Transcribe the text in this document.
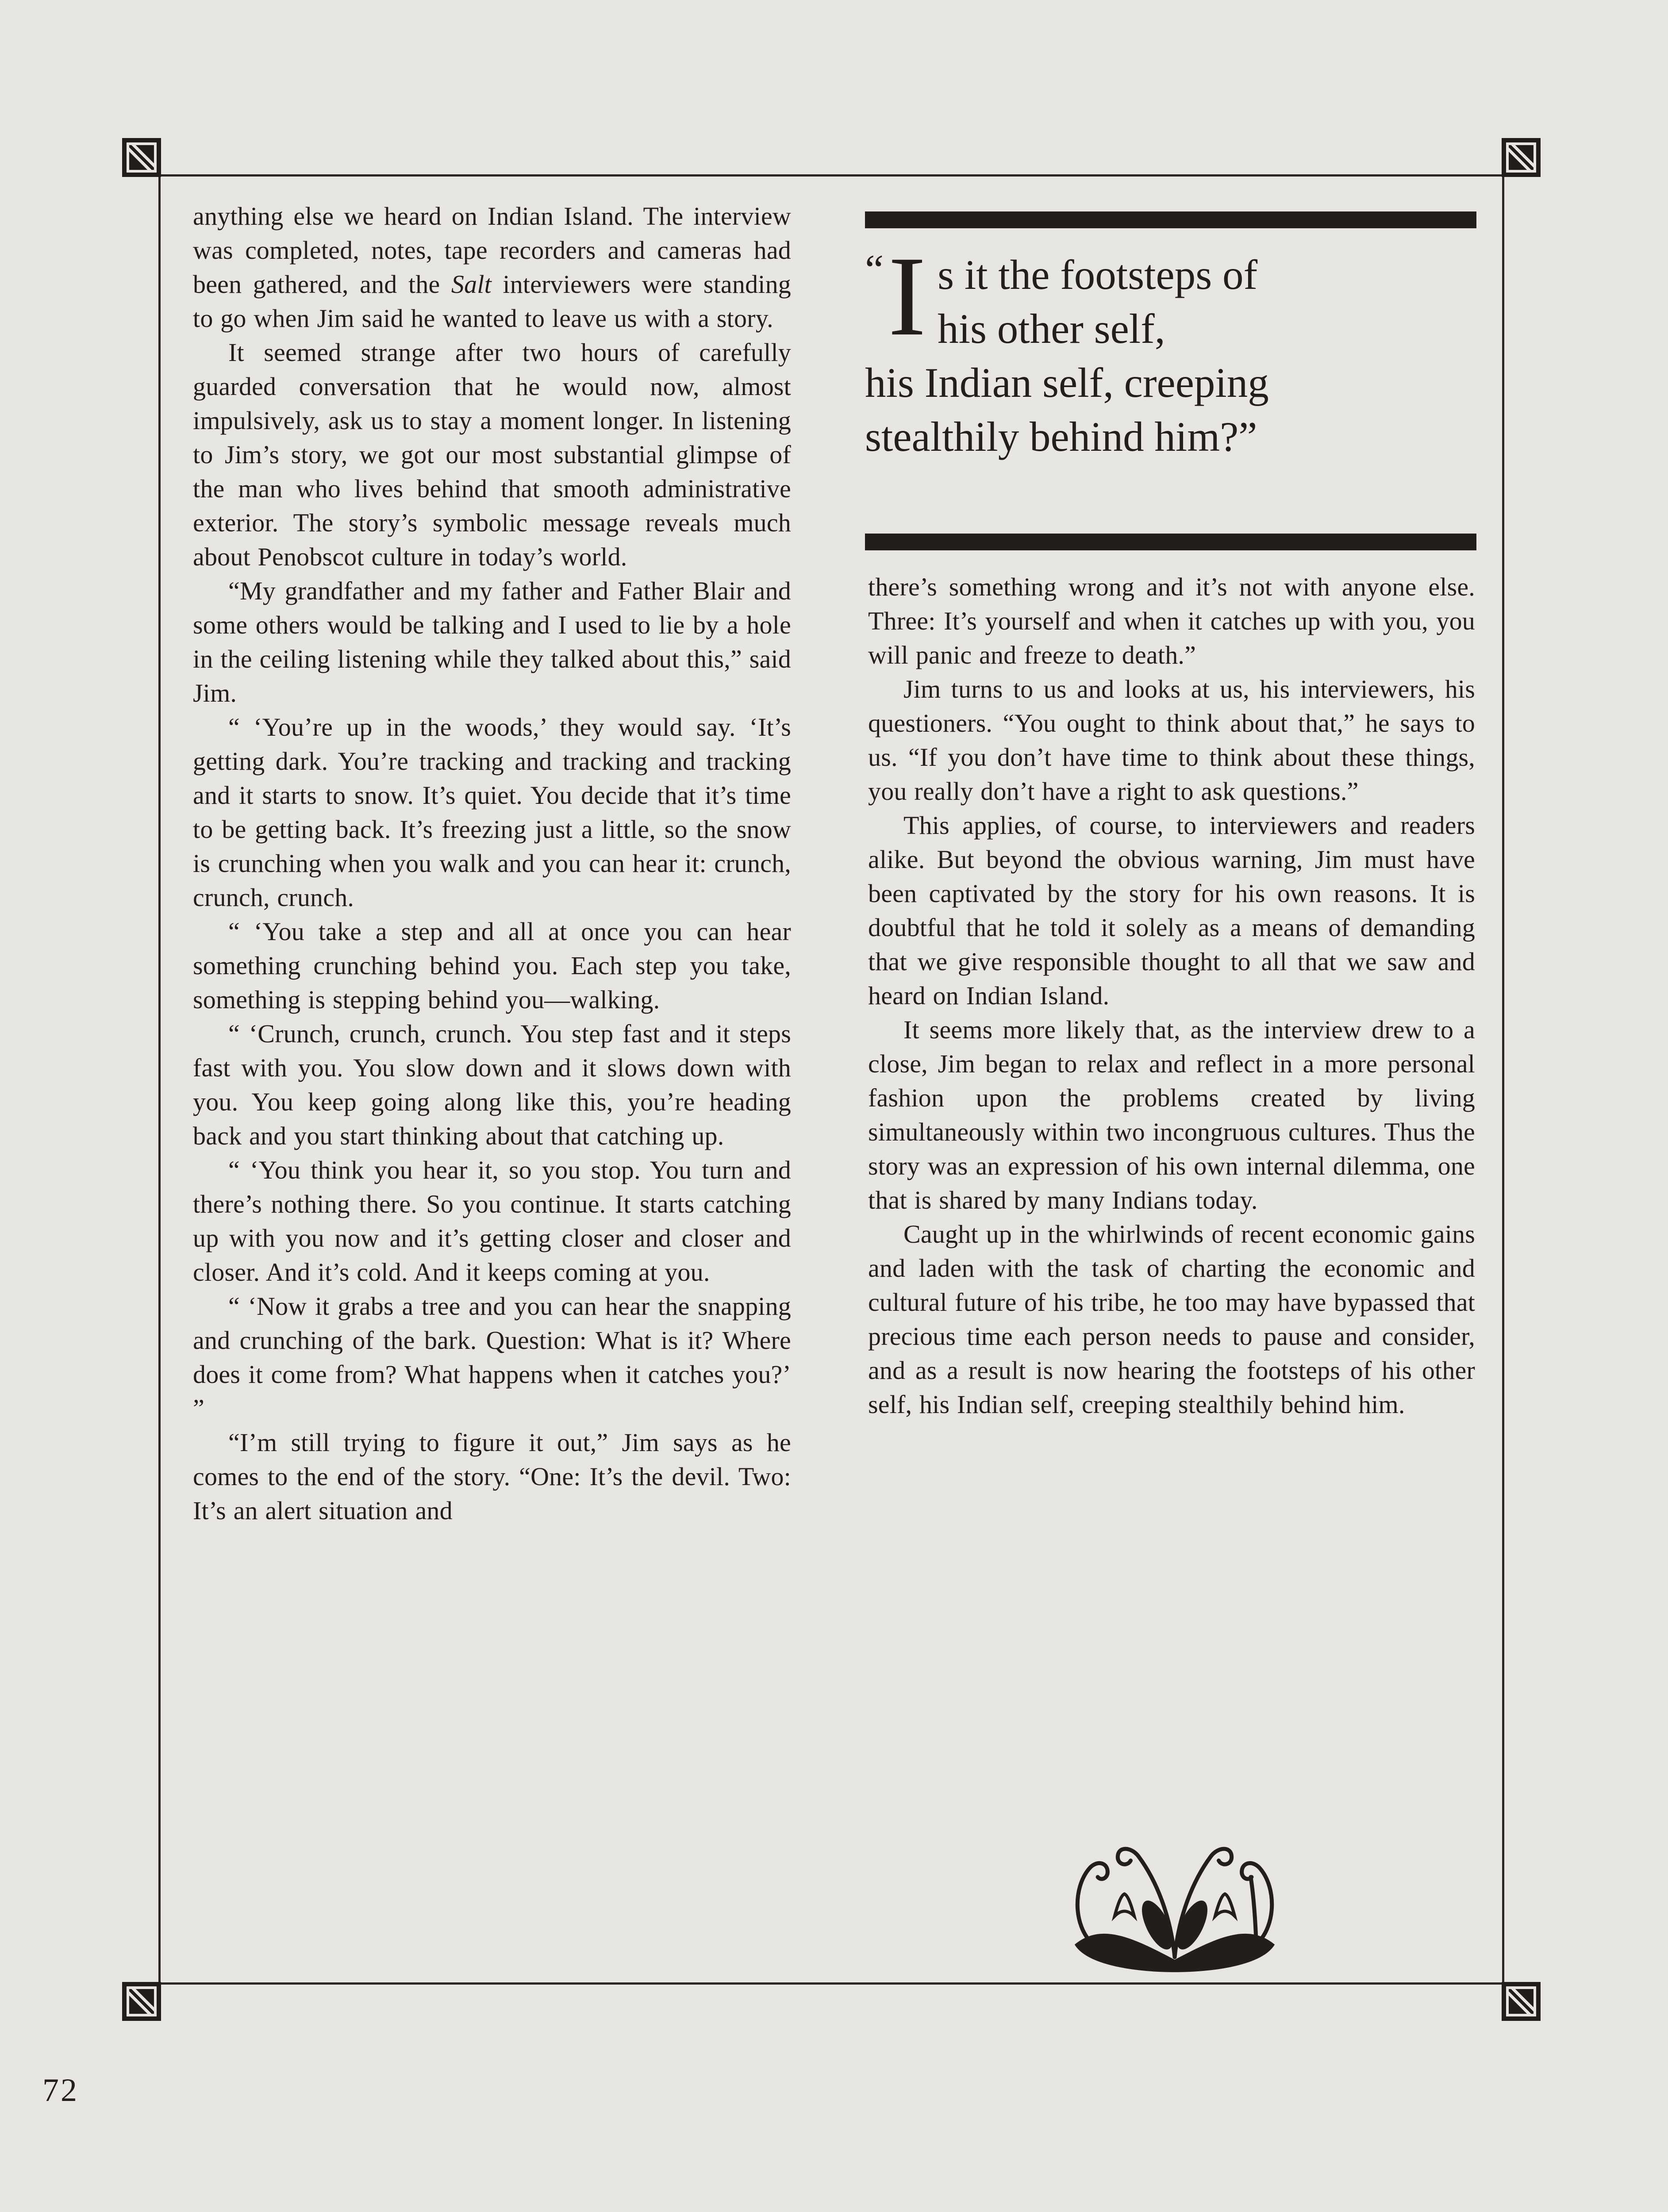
anything else we heard on Indian Island. The interview was completed, notes, tape recorders and cameras had been gathered, and the Salt interviewers were standing to go when Jim said he wanted to leave us with a story.

It seemed strange after two hours of carefully guarded conversation that he would now, almost impulsively, ask us to stay a moment longer. In listening to Jim’s story, we got our most substantial glimpse of the man who lives behind that smooth administrative exterior. The story’s symbolic message reveals much about Penobscot culture in today’s world.

“My grandfather and my father and Father Blair and some others would be talking and I used to lie by a hole in the ceiling listening while they talked about this,” said Jim.

“ ‘You’re up in the woods,’ they would say. ‘It’s getting dark. You’re tracking and tracking and tracking and it starts to snow. It’s quiet. You decide that it’s time to be getting back. It’s freezing just a little, so the snow is crunching when you walk and you can hear it: crunch, crunch, crunch.

“ ‘You take a step and all at once you can hear something crunching behind you. Each step you take, something is stepping behind you—walking.

“ ‘Crunch, crunch, crunch. You step fast and it steps fast with you. You slow down and it slows down with you. You keep going along like this, you’re heading back and you start thinking about that catching up.

“ ‘You think you hear it, so you stop. You turn and there’s nothing there. So you continue. It starts catching up with you now and it’s getting closer and closer and closer. And it’s cold. And it keeps coming at you.

“ ‘Now it grabs a tree and you can hear the snapping and crunching of the bark. Question: What is it? Where does it come from? What happens when it catches you?’ ”

“I’m still trying to figure it out,” Jim says as he comes to the end of the story. “One: It’s the devil. Two: It’s an alert situation and

“ I s it the footsteps of
his other self,
his Indian self, creeping
stealthily behind him?”

there’s something wrong and it’s not with anyone else. Three: It’s yourself and when it catches up with you, you will panic and freeze to death.”

Jim turns to us and looks at us, his interviewers, his questioners. “You ought to think about that,” he says to us. “If you don’t have time to think about these things, you really don’t have a right to ask questions.”

This applies, of course, to interviewers and readers alike. But beyond the obvious warning, Jim must have been captivated by the story for his own reasons. It is doubtful that he told it solely as a means of demanding that we give responsible thought to all that we saw and heard on Indian Island.

It seems more likely that, as the interview drew to a close, Jim began to relax and reflect in a more personal fashion upon the problems created by living simultaneously within two incongruous cultures. Thus the story was an expression of his own internal dilemma, one that is shared by many Indians today.

Caught up in the whirlwinds of recent economic gains and laden with the task of charting the economic and cultural future of his tribe, he too may have bypassed that precious time each person needs to pause and consider, and as a result is now hearing the footsteps of his other self, his Indian self, creeping stealthily behind him.

72
